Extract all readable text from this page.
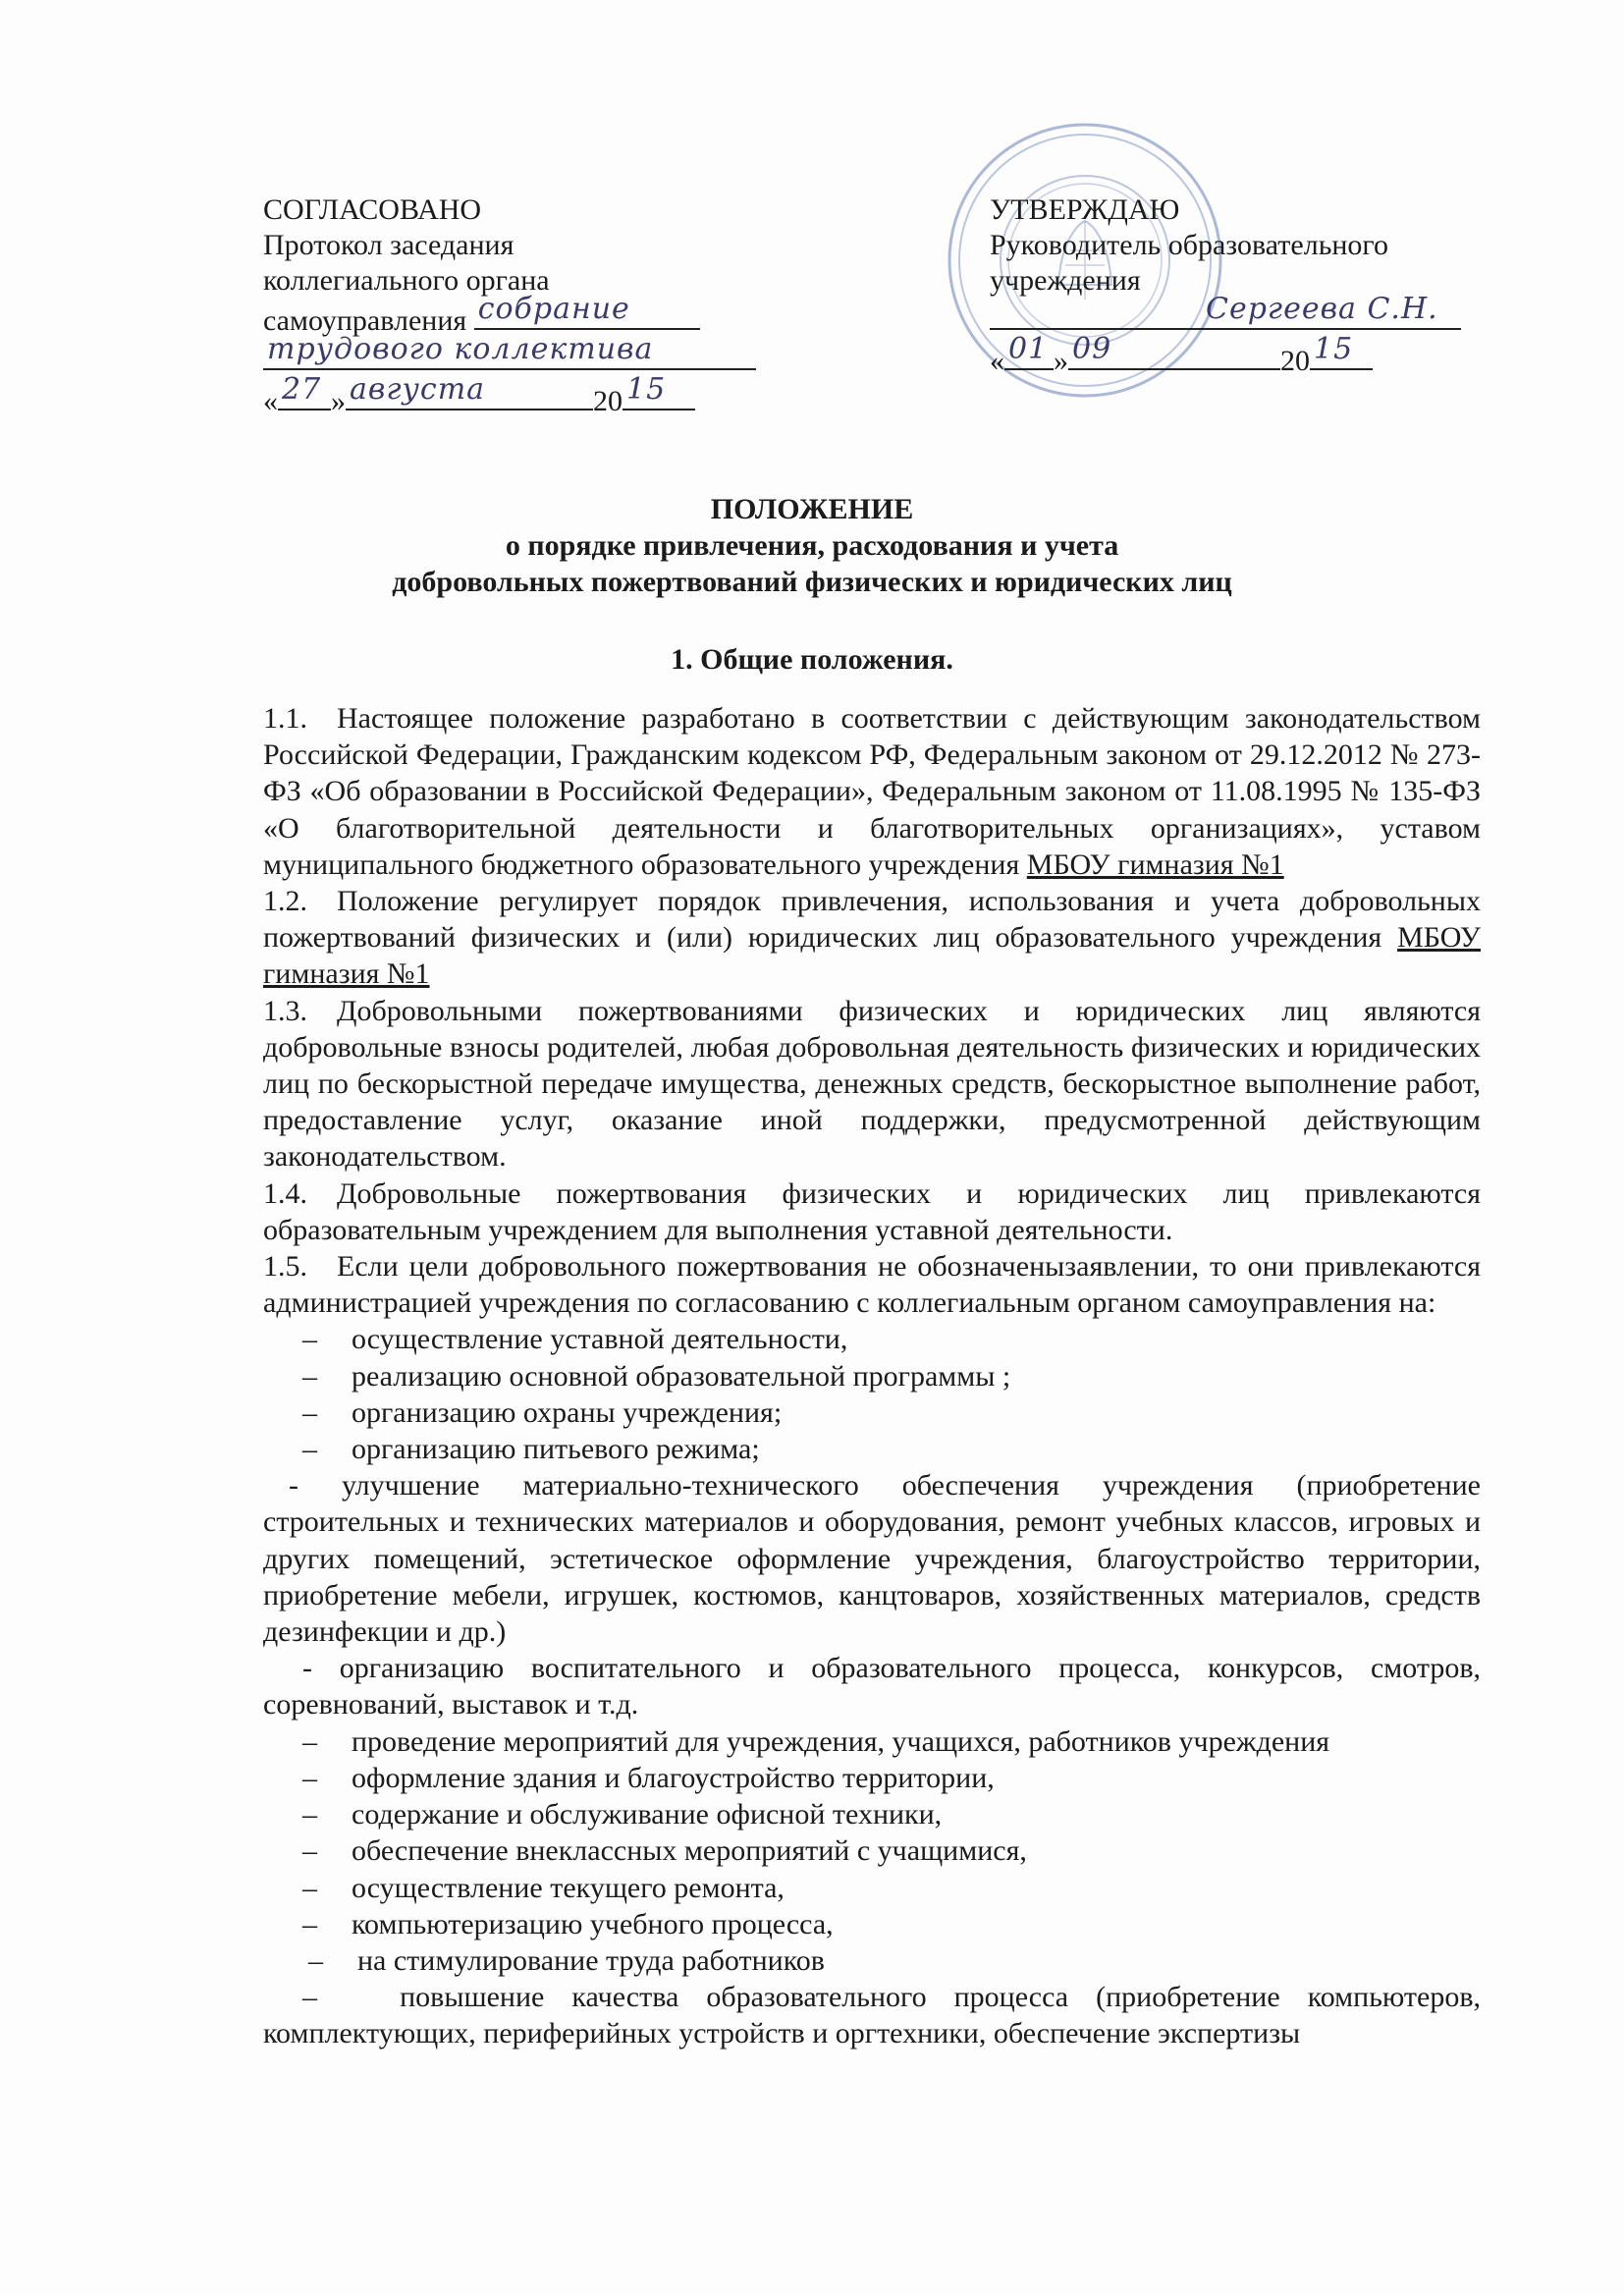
СОГЛАСОВАНО
Протокол заседания
коллегиального органа
самоуправления собрание
трудового коллектива
« 27 » августа	20 15
УТВЕРЖДАЮ
Руководитель образовательного
учреждения
Сергеева С.Н.
« 01 » 09	20 15
ПОЛОЖЕНИЕ
о порядке привлечения, расходования и учета
добровольных пожертвований физических и юридических лиц
1. Общие положения.

1.1. Настоящее положение разработано в соответствии с действующим законодательством Российской Федерации, Гражданским кодексом РФ, Федеральным законом от 29.12.2012 № 273-ФЗ «Об образовании в Российской Федерации», Федеральным законом от 11.08.1995 № 135-ФЗ «О благотворительной деятельности и благотворительных организациях», уставом муниципального бюджетного образовательного учреждения МБОУ гимназия №1

1.2. Положение регулирует порядок привлечения, использования и учета добровольных пожертвований физических и (или) юридических лиц образовательного учреждения МБОУ гимназия №1

1.3. Добровольными пожертвованиями физических и юридических лиц являются добровольные взносы родителей, любая добровольная деятельность физических и юридических лиц по бескорыстной передаче имущества, денежных средств, бескорыстное выполнение работ, предоставление услуг, оказание иной поддержки, предусмотренной действующим законодательством.

1.4. Добровольные пожертвования физических и юридических лиц привлекаются образовательным учреждением для выполнения уставной деятельности.

1.5. Если цели добровольного пожертвования не обозначенызаявлении, то они привлекаются администрацией учреждения по согласованию с коллегиальным органом самоуправления на:

–	осуществление уставной деятельности,
–	реализацию основной образовательной программы ;
–	организацию охраны учреждения;
–	организацию питьевого режима;

- улучшение материально-технического обеспечения учреждения (приобретение строительных и технических материалов и оборудования, ремонт учебных классов, игровых и других помещений, эстетическое оформление учреждения, благоустройство территории, приобретение мебели, игрушек, костюмов, канцтоваров, хозяйственных материалов, средств дезинфекции и др.)

- организацию воспитательного и образовательного процесса, конкурсов, смотров, соревнований, выставок и т.д.

–	проведение мероприятий для учреждения, учащихся, работников учреждения
–	оформление здания и благоустройство территории,
–	содержание и обслуживание офисной техники,
–	обеспечение внеклассных мероприятий с учащимися,
–	осуществление текущего ремонта,
–	компьютеризацию учебного процесса,
–	на стимулирование труда работников

–	повышение качества образовательного процесса (приобретение компьютеров, комплектующих, периферийных устройств и оргтехники, обеспечение экспертизы
